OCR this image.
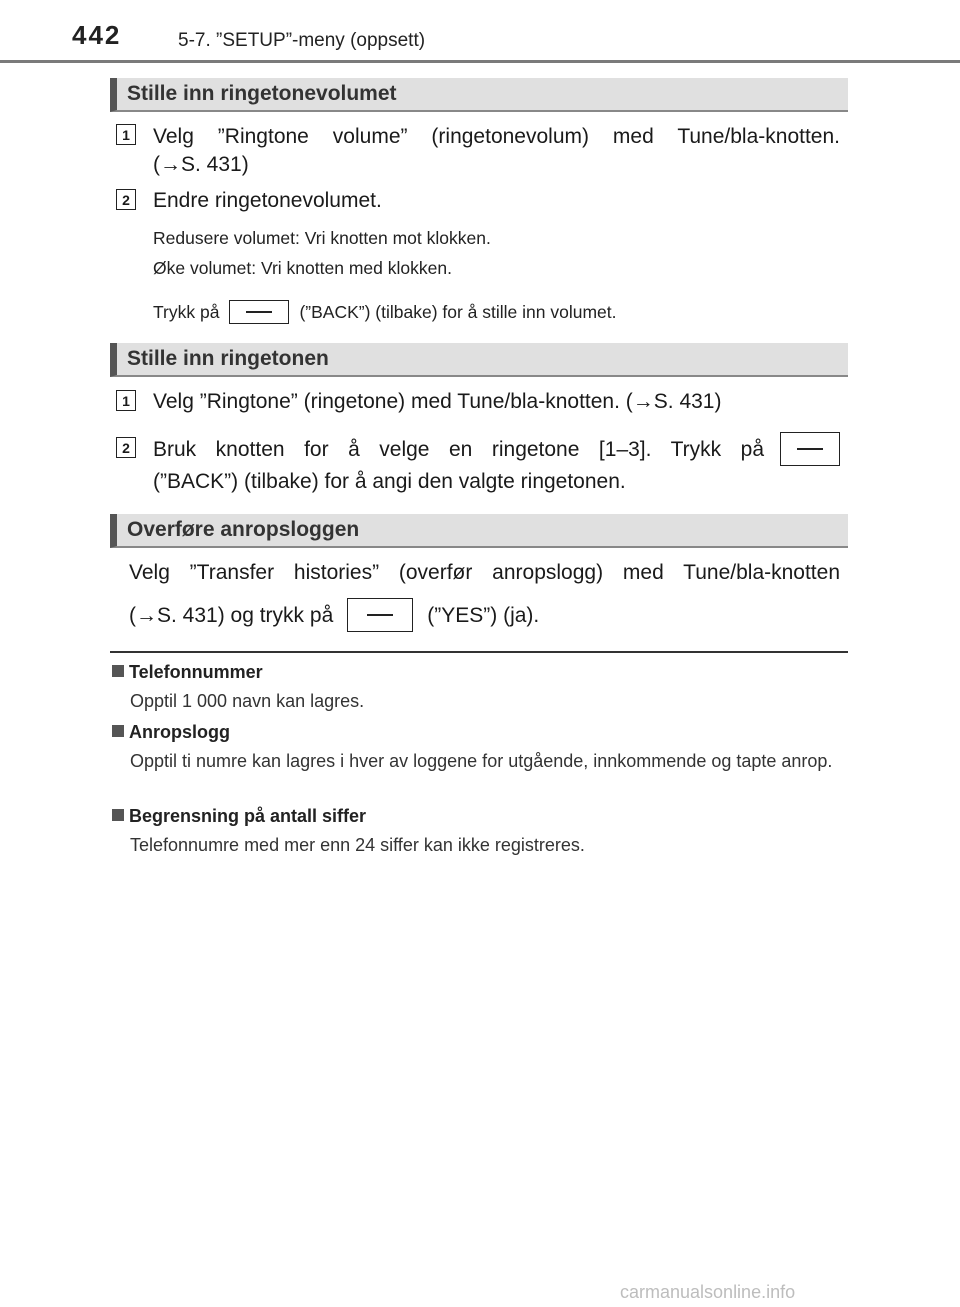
442	5-7. ”SETUP”-meny (oppsett)
Stille inn ringetonevolumet
1 Velg ”Ringtone volume” (ringetonevolum) med Tune/bla-knotten.
(→S. 431)
2 Endre ringetonevolumet.
Redusere volumet: Vri knotten mot klokken.
Øke volumet: Vri knotten med klokken.
Trykk på	(”BACK”) (tilbake) for å stille inn volumet.
Stille inn ringetonen
1 Velg ”Ringtone” (ringetone) med Tune/bla-knotten. (→S. 431)
2 Bruk knotten for å velge en ringetone [1–3]. Trykk på
(”BACK”) (tilbake) for å angi den valgte ringetonen.
Overføre anropsloggen
Velg ”Transfer histories” (overfør anropslogg) med Tune/bla-knotten
(→S. 431) og trykk på	(”YES”) (ja).
Telefonnummer
Opptil 1 000 navn kan lagres.
Anropslogg
Opptil ti numre kan lagres i hver av loggene for utgående, innkommende og tapte anrop.
Begrensning på antall siffer
Telefonnumre med mer enn 24 siffer kan ikke registreres.
carmanualsonline.info
